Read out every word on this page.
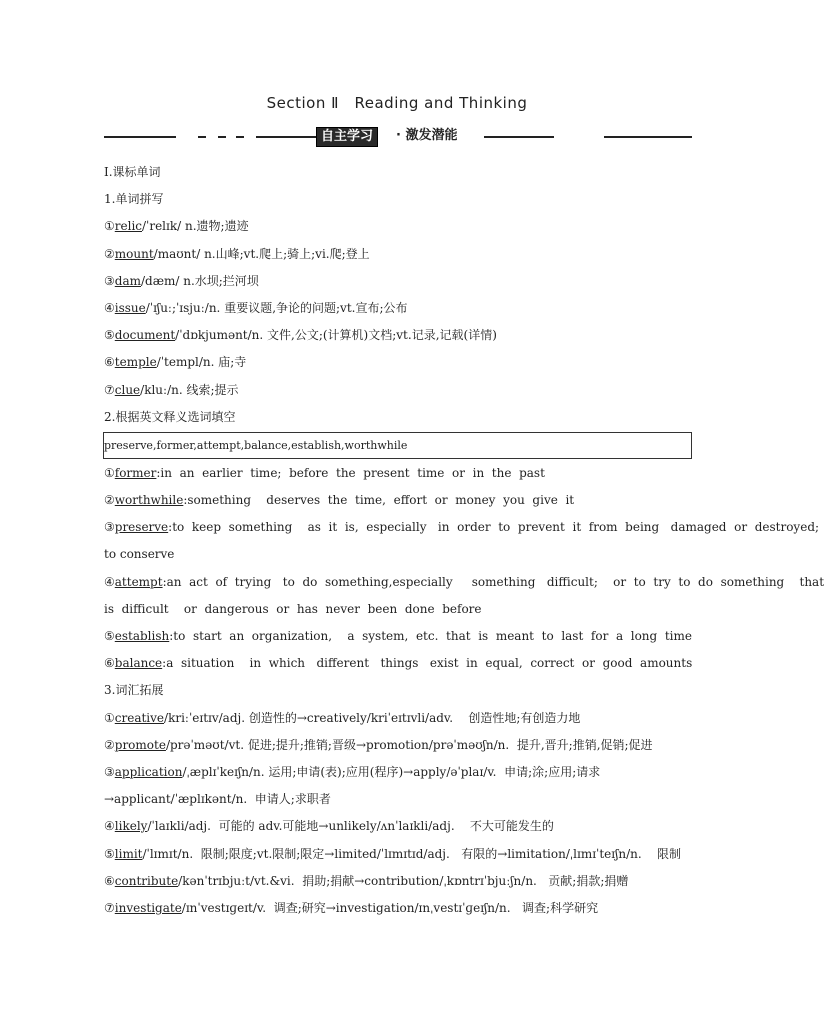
Section Ⅱ　Reading and Thinking
自主学习	· 激发潜能
Ⅰ.课标单词
1.单词拼写
①relic/ˈrelɪk/ n.遗物;遗迹
②mount/maʊnt/ n.山峰;vt.爬上;骑上;vi.爬;登上
③dam/dæm/ n.水坝;拦河坝
④issue/ˈɪʃuː;ˈɪsjuː/n. 重要议题,争论的问题;vt.宣布;公布
⑤document/ˈdɒkjumənt/n. 文件,公文;(计算机)文档;vt.记录,记载(详情)
⑥temple/ˈtempl/n. 庙;寺
⑦clue/kluː/n. 线索;提示
2.根据英文释义选词填空
preserve,former,attempt,balance,establish,worthwhile
①former:in  an  earlier  time;  before  the  present  time  or  in  the  past
②worthwhile:something    deserves  the  time,  effort  or  money  you  give  it
③preserve:to  keep  something    as  it  is,  especially   in  order  to  prevent  it  from  being   damaged  or  destroyed;
to conserve
④attempt:an  act  of  trying   to  do  something,especially     something   difficult;    or  to  try  to  do  something    that
is  difficult    or  dangerous  or  has  never  been  done  before
⑤establish:to  start  an  organization,    a  system,  etc.  that  is  meant  to  last  for  a  long  time
⑥balance:a  situation    in  which   different   things   exist  in  equal,  correct  or  good  amounts
3.词汇拓展
①creative/kriːˈeɪtɪv/adj. 创造性的→creatively/kriˈeɪtɪvli/adv.    创造性地;有创造力地
②promote/prəˈməʊt/vt. 促进;提升;推销;晋级→promotion/prəˈməʊʃn/n.  提升,晋升;推销,促销;促进
③application/ˌæplɪˈkeɪʃn/n. 运用;申请(表);应用(程序)→apply/əˈplaɪ/v.  申请;涂;应用;请求
→applicant/ˈæplɪkənt/n.  申请人;求职者
④likely/ˈlaɪkli/adj.  可能的 adv.可能地→unlikely/ʌnˈlaɪkli/adj.    不大可能发生的
⑤limit/ˈlɪmɪt/n.  限制;限度;vt.限制;限定→limited/ˈlɪmɪtɪd/adj.   有限的→limitation/ˌlɪmɪˈteɪʃn/n.    限制
⑥contribute/kənˈtrɪbjuːt/vt.&vi.  捐助;捐献→contribution/ˌkɒntrɪˈbjuːʃn/n.   贡献;捐款;捐赠
⑦investigate/ɪnˈvestɪɡeɪt/v.  调查;研究→investigation/ɪnˌvestɪˈɡeɪʃn/n.   调查;科学研究
